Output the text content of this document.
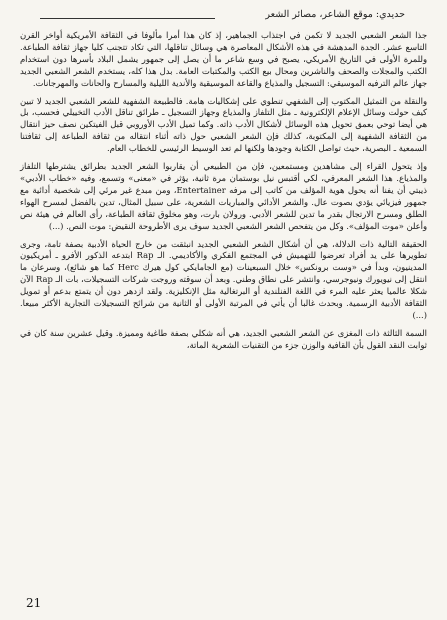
حديدي: موقع الشاعر، مصائر الشعر

جذا الشعر الشعبي الجديد لا تكمن في اجتذاب الجماهير، إذ كان هذا أمرا مألوفا في الثقافة الأمريكية أواخر القرن التاسع عشر. الجدة المدهشة في هذه الأشكال المعاصرة هي وسائل تناقلها، التي تكاد تتجنب كليا جهاز ثقافة الطباعة. وللمرة الأولى في التاريخ الأمريكي، يصبح في وسع شاعر ما أن يصل إلى جمهور يشمل البلاد بأسرها دون استخدام الكتب والمجلات والصحف والناشرين ومحال بيع الكتب والمكتبات العامة. بدل هذا كله، يستخدم الشعر الشعبي الجديد جهاز عالم الترفيه الموسيقي: التسجيل والمذياع والقاعة الموسيقية والأندية الليلية والمسارح والحانات والمهرجانات.

والنقلة من التمثيل المكتوب إلى الشفهي تنطوي على إشكاليات هامة. فالطبيعة الشفهية للشعر الشعبي الجديد لا تبين كيف حولت وسائل الإعلام الإلكترونية ـ مثل التلفاز والمذياع وجهاز التسجيل ـ طرائق تناقل الأدب التخييلي فحسب، بل هي أيضا توحي بعمق تحويل هذه الوسائل لأشكال الأدب ذاته. وكما تميل الأدب الأوروبي قبل الفيتكين نصف حيز انتقال من الثقافة الشفهية إلى المكتوبة، كذلك فإن الشعر الشعبي حول ذاته أثناء انتقاله من ثقافة الطباعة إلى ثقافتنا السمعية ـ البصرية، حيث تواصل الكتابة وجودها ولكنها لم تعد الوسيط الرئيسي للخطاب العام.

وإذ يتحول القراء إلى مشاهدين ومستمعين، فإن من الطبيعي أن يقاربوا الشعر الجديد بطرائق يشترطها التلفاز والمذياع. هذا الشعر المعرفي، لكي أقتبس نيل بوستمان مرة ثانية، يؤثر في «معنى» وتسمع، وفيه «خطاب الأدبي» ذيبتي أن يفنا أنه يحول هوية المؤلف من كاتب إلى مرفه Entertainer، ومن مبدع غير مرئي إلى شخصية أدائية مع جمهور فيزيائي يؤدي بصوت عال. والشعر الأدائي والمباريات الشعرية، على سبيل المثال، تدين بالفضل لمسرح الهواء الطلق ومسرح الارتجال بقدر ما تدين للشعر الأدبي. ورولان بارت، وهو مخلوق ثقافة الطباعة، رأى العالم في هيئة نص وأعلن «موت المؤلف». وكل من يتفحص الشعر الشعبي الجديد سوف يرى الأطروحة النقيض: موت النص. (...)

الحقيقة التالية ذات الدلالة، هي أن أشكال الشعر الشعبي الجديد انبثقت من خارج الحياة الأدبية بصفة تامة، وجرى تطويرها على يد أفراد تعرضوا للتهميش في المجتمع الفكري والأكاديمي. الـ Rap ابتدعه الذكور الأفرو ـ أمريكيون المدينيون، وبدأ في «وست برونكس» خلال السبعينات (مع الجامايكي كول هيرك Herc كما هو شائع)، وسرعان ما انتقل إلى نيويورك ونيوجرسي، وانتشر على نطاق وطني. وبعد أن سوقته وروجت شركات التسجيلات، بات الـ Rap الآن شكلا عالميا يعثر عليه المرء في اللغة الفنلندية أو البرتغالية مثل الإنكليزية. ولقد ازدهر دون أن يتمتع بدعم أو تمويل الثقافة الأدبية الرسمية. وبحدث غالبا أن يأتي في المرتبة الأولى أو الثانية من شرائح التسجيلات التجارية الأكثر مبيعا. (...)

السمة الثالثة ذات المغزى عن الشعر الشعبي الجديد، هي أنه شكلي بصفة طاغية ومميزة. وقيل عشرين سنة كان في ثوابت النقد القول بأن القافية والوزن جزء من التقنيات الشعرية الماتة،

21
